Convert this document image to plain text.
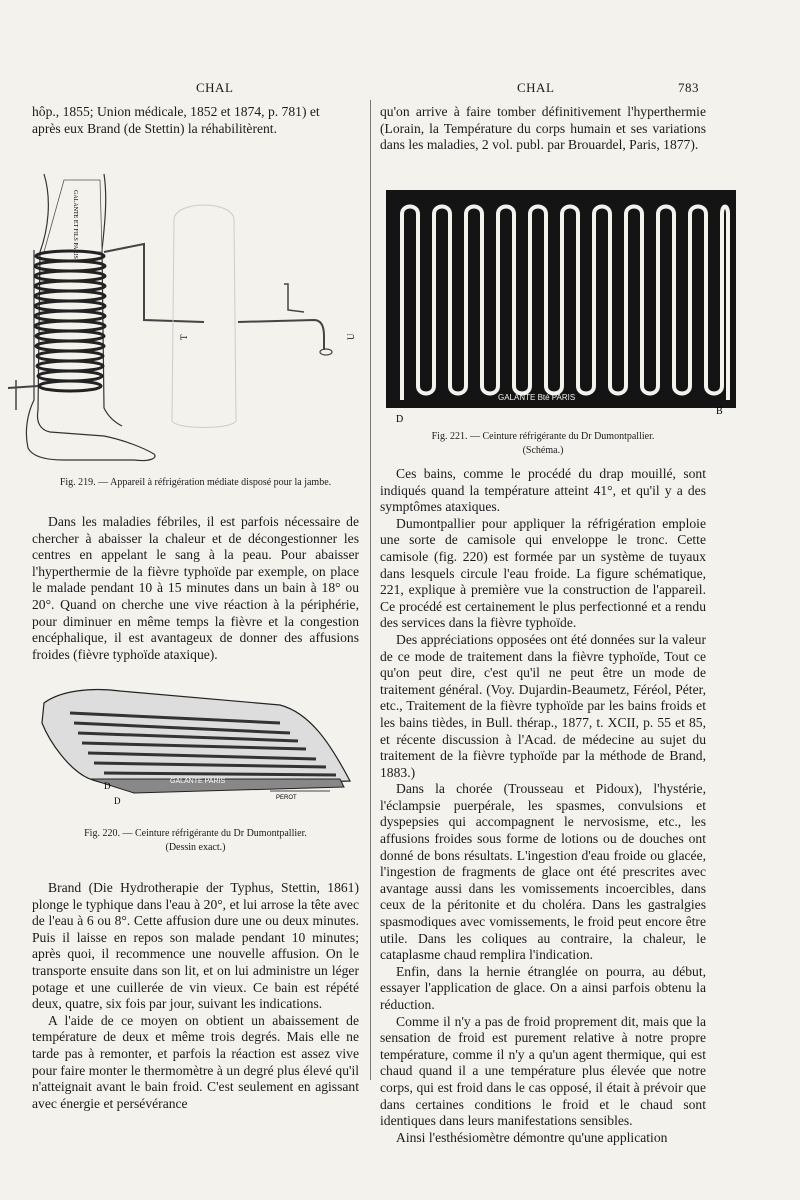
CHAL	CHAL	783

hôp., 1855; Union médicale, 1852 et 1874, p. 781) et

après eux Brand (de Stettin) la réhabilitèrent.

GALANTE ET FILS PARIS
T	U
Fig. 219. — Appareil à réfrigération médiate disposé pour la jambe.

Dans les maladies fébriles, il est parfois nécessaire de chercher à abaisser la chaleur et de décongestionner les centres en appelant le sang à la peau. Pour abaisser l'hyperthermie de la fièvre typhoïde par exemple, on place le malade pendant 10 à 15 minutes dans un bain à 18° ou 20°. Quand on cherche une vive réaction à la périphérie, pour diminuer en même temps la fièvre et la congestion encéphalique, il est avantageux de donner des affusions froides (fièvre typhoïde ataxique).

GALANTE PARIS
D
D	PEROT

Fig. 220. — Ceinture réfrigérante du Dr Dumontpallier.

(Dessin exact.)

Brand (Die Hydrotherapie der Typhus, Stettin, 1861) plonge le typhique dans l'eau à 20°, et lui arrose la tête avec de l'eau à 6 ou 8°. Cette affusion dure une ou deux minutes. Puis il laisse en repos son malade pendant 10 minutes; après quoi, il recommence une nouvelle affusion. On le transporte ensuite dans son lit, et on lui administre un léger potage et une cuillerée de vin vieux. Ce bain est répété deux, quatre, six fois par jour, suivant les indications.

A l'aide de ce moyen on obtient un abaissement de température de deux et même trois degrés. Mais elle ne tarde pas à remonter, et parfois la réaction est assez vive pour faire monter le thermomètre à un degré plus élevé qu'il n'atteignait avant le bain froid. C'est seulement en agissant avec énergie et persévérance

qu'on arrive à faire tomber définitivement l'hyperthermie (Lorain, la Température du corps humain et ses variations dans les maladies, 2 vol. publ. par Brouardel, Paris, 1877).

GALANTE Bté PARIS
D
B

Fig. 221. — Ceinture réfrigérante du Dr Dumontpallier.

(Schéma.)

Ces bains, comme le procédé du drap mouillé, sont indiqués quand la température atteint 41°, et qu'il y a des symptômes ataxiques.

Dumontpallier pour appliquer la réfrigération emploie une sorte de camisole qui enveloppe le tronc. Cette camisole (fig. 220) est formée par un système de tuyaux dans lesquels circule l'eau froide. La figure schématique, 221, explique à première vue la construction de l'appareil. Ce procédé est certainement le plus perfectionné et a rendu des services dans la fièvre typhoïde.

Des appréciations opposées ont été données sur la valeur de ce mode de traitement dans la fièvre typhoïde, Tout ce qu'on peut dire, c'est qu'il ne peut être un mode de traitement général. (Voy. Dujardin-Beaumetz, Féréol, Péter, etc., Traitement de la fièvre typhoïde par les bains froids et les bains tièdes, in Bull. thérap., 1877, t. XCII, p. 55 et 85, et récente discussion à l'Acad. de médecine au sujet du traitement de la fièvre typhoïde par la méthode de Brand, 1883.)

Dans la chorée (Trousseau et Pidoux), l'hystérie, l'éclampsie puerpérale, les spasmes, convulsions et dyspepsies qui accompagnent le nervosisme, etc., les affusions froides sous forme de lotions ou de douches ont donné de bons résultats. L'ingestion d'eau froide ou glacée, l'ingestion de fragments de glace ont été prescrites avec avantage aussi dans les vomissements incoercibles, dans ceux de la péritonite et du choléra. Dans les gastralgies spasmodiques avec vomissements, le froid peut encore être utile. Dans les coliques au contraire, la chaleur, le cataplasme chaud remplira l'indication.

Enfin, dans la hernie étranglée on pourra, au début, essayer l'application de glace. On a ainsi parfois obtenu la réduction.

Comme il n'y a pas de froid proprement dit, mais que la sensation de froid est purement relative à notre propre température, comme il n'y a qu'un agent thermique, qui est chaud quand il a une température plus élevée que notre corps, qui est froid dans le cas opposé, il était à prévoir que dans certaines conditions le froid et le chaud sont identiques dans leurs manifestations sensibles.

Ainsi l'esthésiomètre démontre qu'une application
